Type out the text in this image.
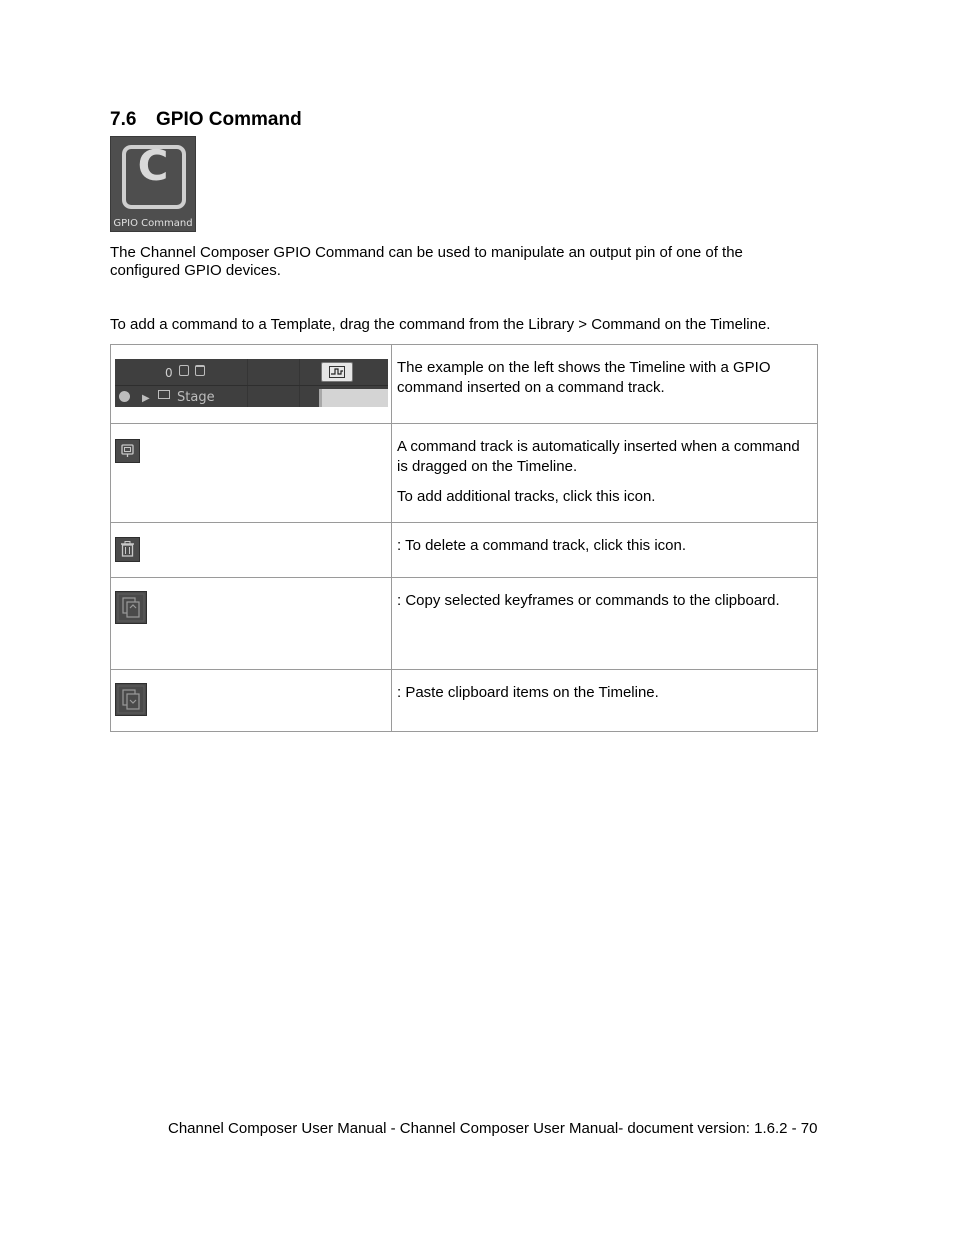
7.6 GPIO Command
C
GPIO Command

The Channel Composer GPIO Command can be used to manipulate an output pin of one of the configured GPIO devices.

To add a command to a Template, drag the command from the Library > Command on the Timeline.

0
▶ Stage	The example on the left shows the Timeline with a GPIO command inserted on a command track.

A command track is automatically inserted when a command is dragged on the Timeline.

To add additional tracks, click this icon.

: To delete a command track, click this icon.

: Copy selected keyframes or commands to the clipboard.

: Paste clipboard items on the Timeline.

Channel Composer User Manual - Channel Composer User Manual- document version: 1.6.2 - 70
